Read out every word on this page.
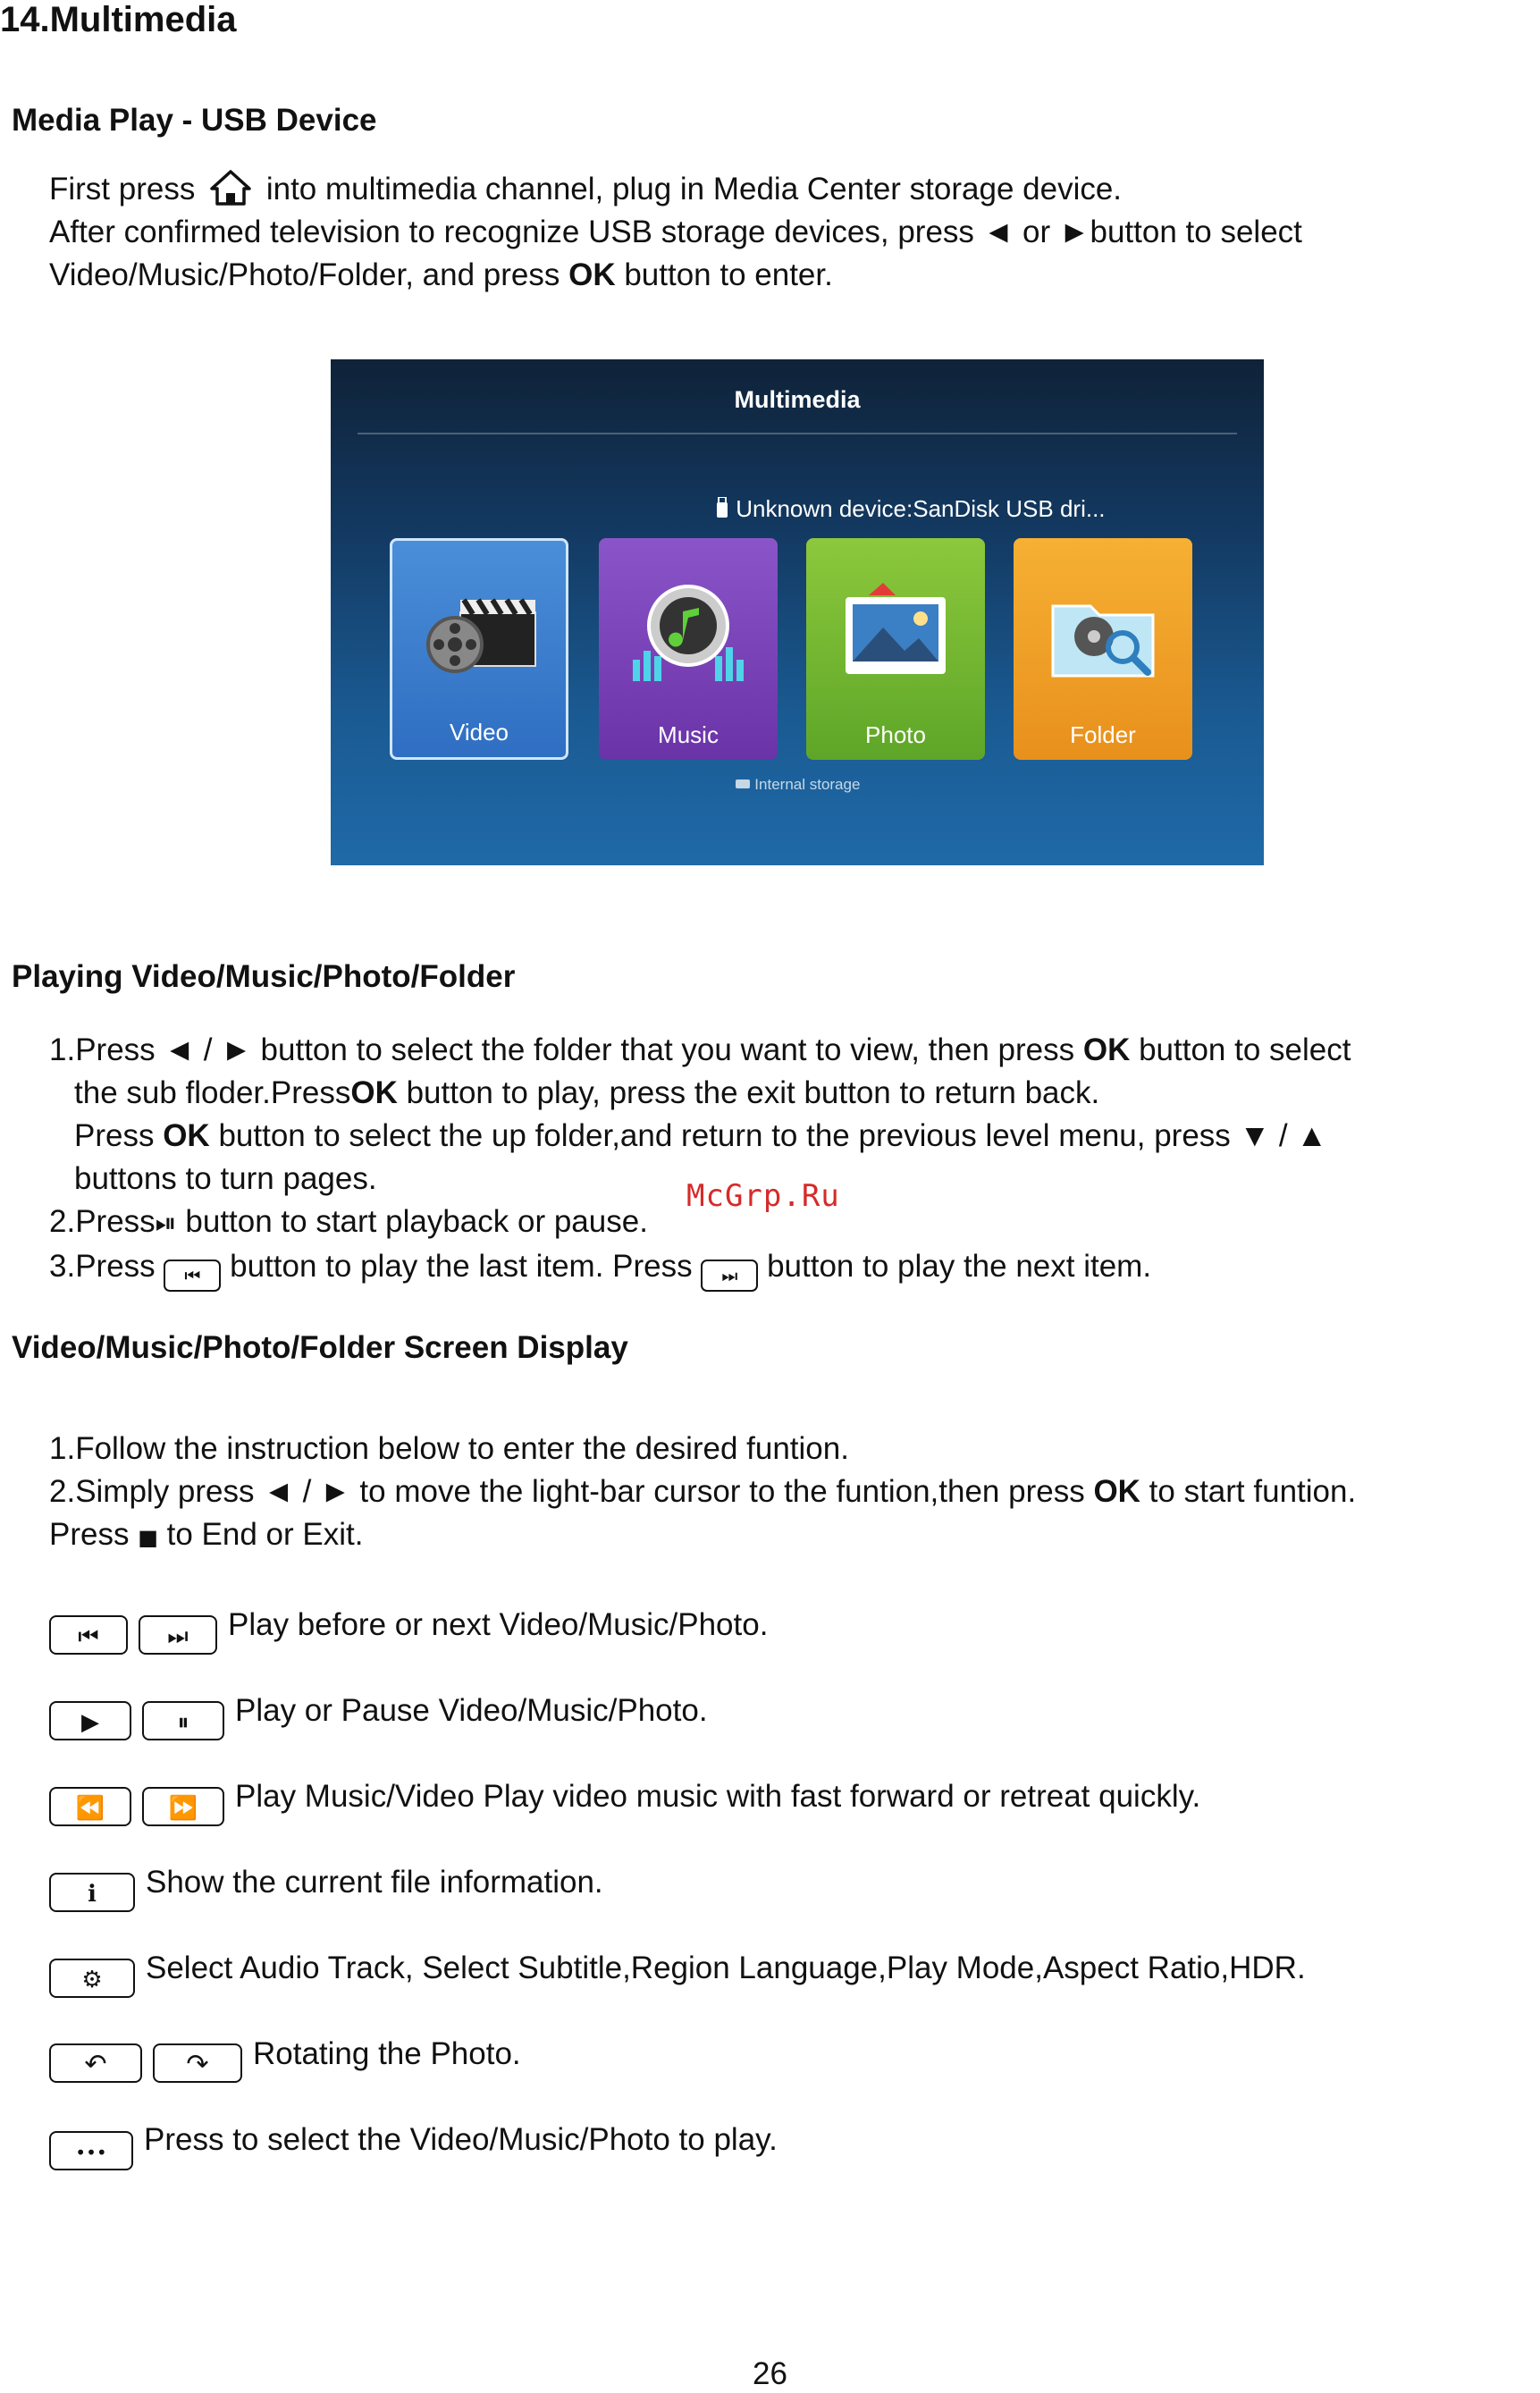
14.Multimedia
Media Play - USB Device
First press into multimedia channel, plug in Media Center storage device.
After confirmed television to recognize USB storage devices, press ◄ or ►button to select
Video/Music/Photo/Folder, and press OK button to enter.
Multimedia
Unknown device:SanDisk USB dri...
Video	Music	Photo	Folder
Internal storage
Playing Video/Music/Photo/Folder
1.Press ◄ / ► button to select the folder that you want to view, then press OK button to select
the sub floder.PressOK button to play, press the exit button to return back.
Press OK button to select the up folder,and return to the previous level menu, press ▼ / ▲
buttons to turn pages.
2.Press⏯ button to start playback or pause.
3.Press ⏮ button to play the last item. Press ⏭ button to play the next item.
Video/Music/Photo/Folder Screen Display
1.Follow the instruction below to enter the desired funtion.
2.Simply press ◄ / ► to move the light-bar cursor to the funtion,then press OK to start funtion.
Press ■ to End or Exit.
⏮	⏭ Play before or next Video/Music/Photo.
▶	⏸ Play or Pause Video/Music/Photo.
⏪	⏩ Play Music/Video Play video music with fast forward or retreat quickly.
ℹ Show the current file information.
⚙ Select Audio Track, Select Subtitle,Region Language,Play Mode,Aspect Ratio,HDR.
↶	↷ Rotating the Photo.
••• Press to select the Video/Music/Photo to play.
McGrp.Ru
26
